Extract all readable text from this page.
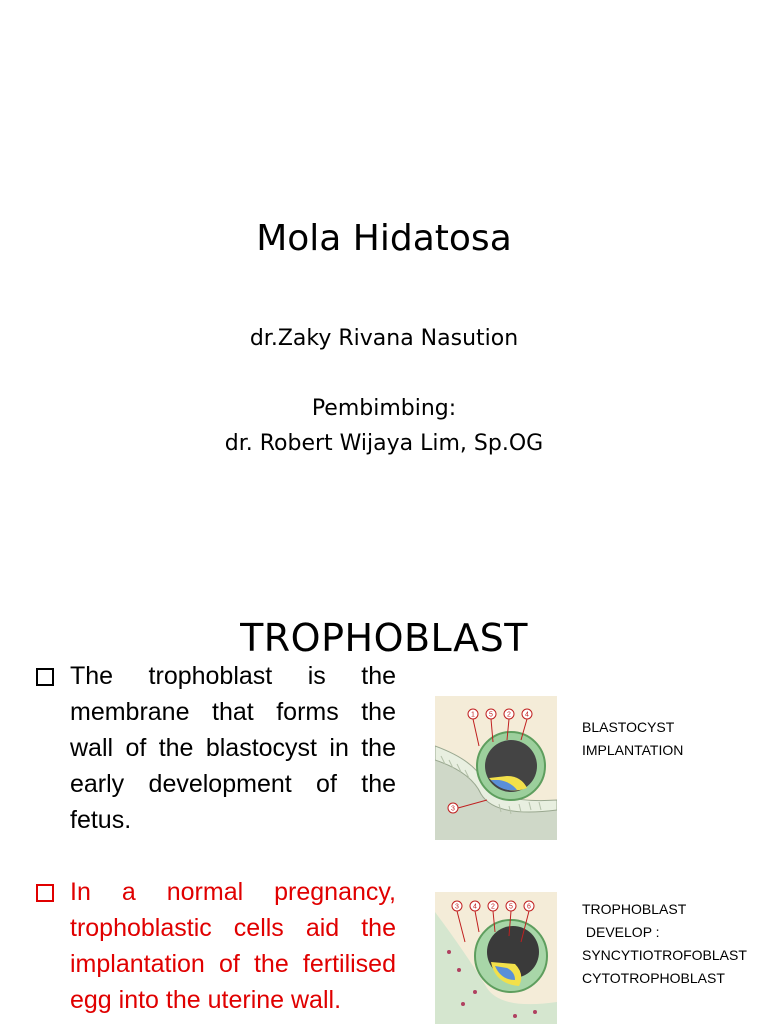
Mola Hidatosa
dr.Zaky Rivana Nasution
Pembimbing:
dr. Robert Wijaya Lim, Sp.OG
TROPHOBLAST
The trophoblast is the membrane that forms the wall of the blastocyst in the early development of the fetus.
In a normal pregnancy, trophoblastic cells aid the implantation of the fertilised egg into the uterine wall.
1 5 2 4
3
BLASTOCYST
IMPLANTATION
3 4 2 5 6	TROPHOBLAST
DEVELOP :
SYNCYTIOTROFOBLAST
CYTOTROPHOBLAST
